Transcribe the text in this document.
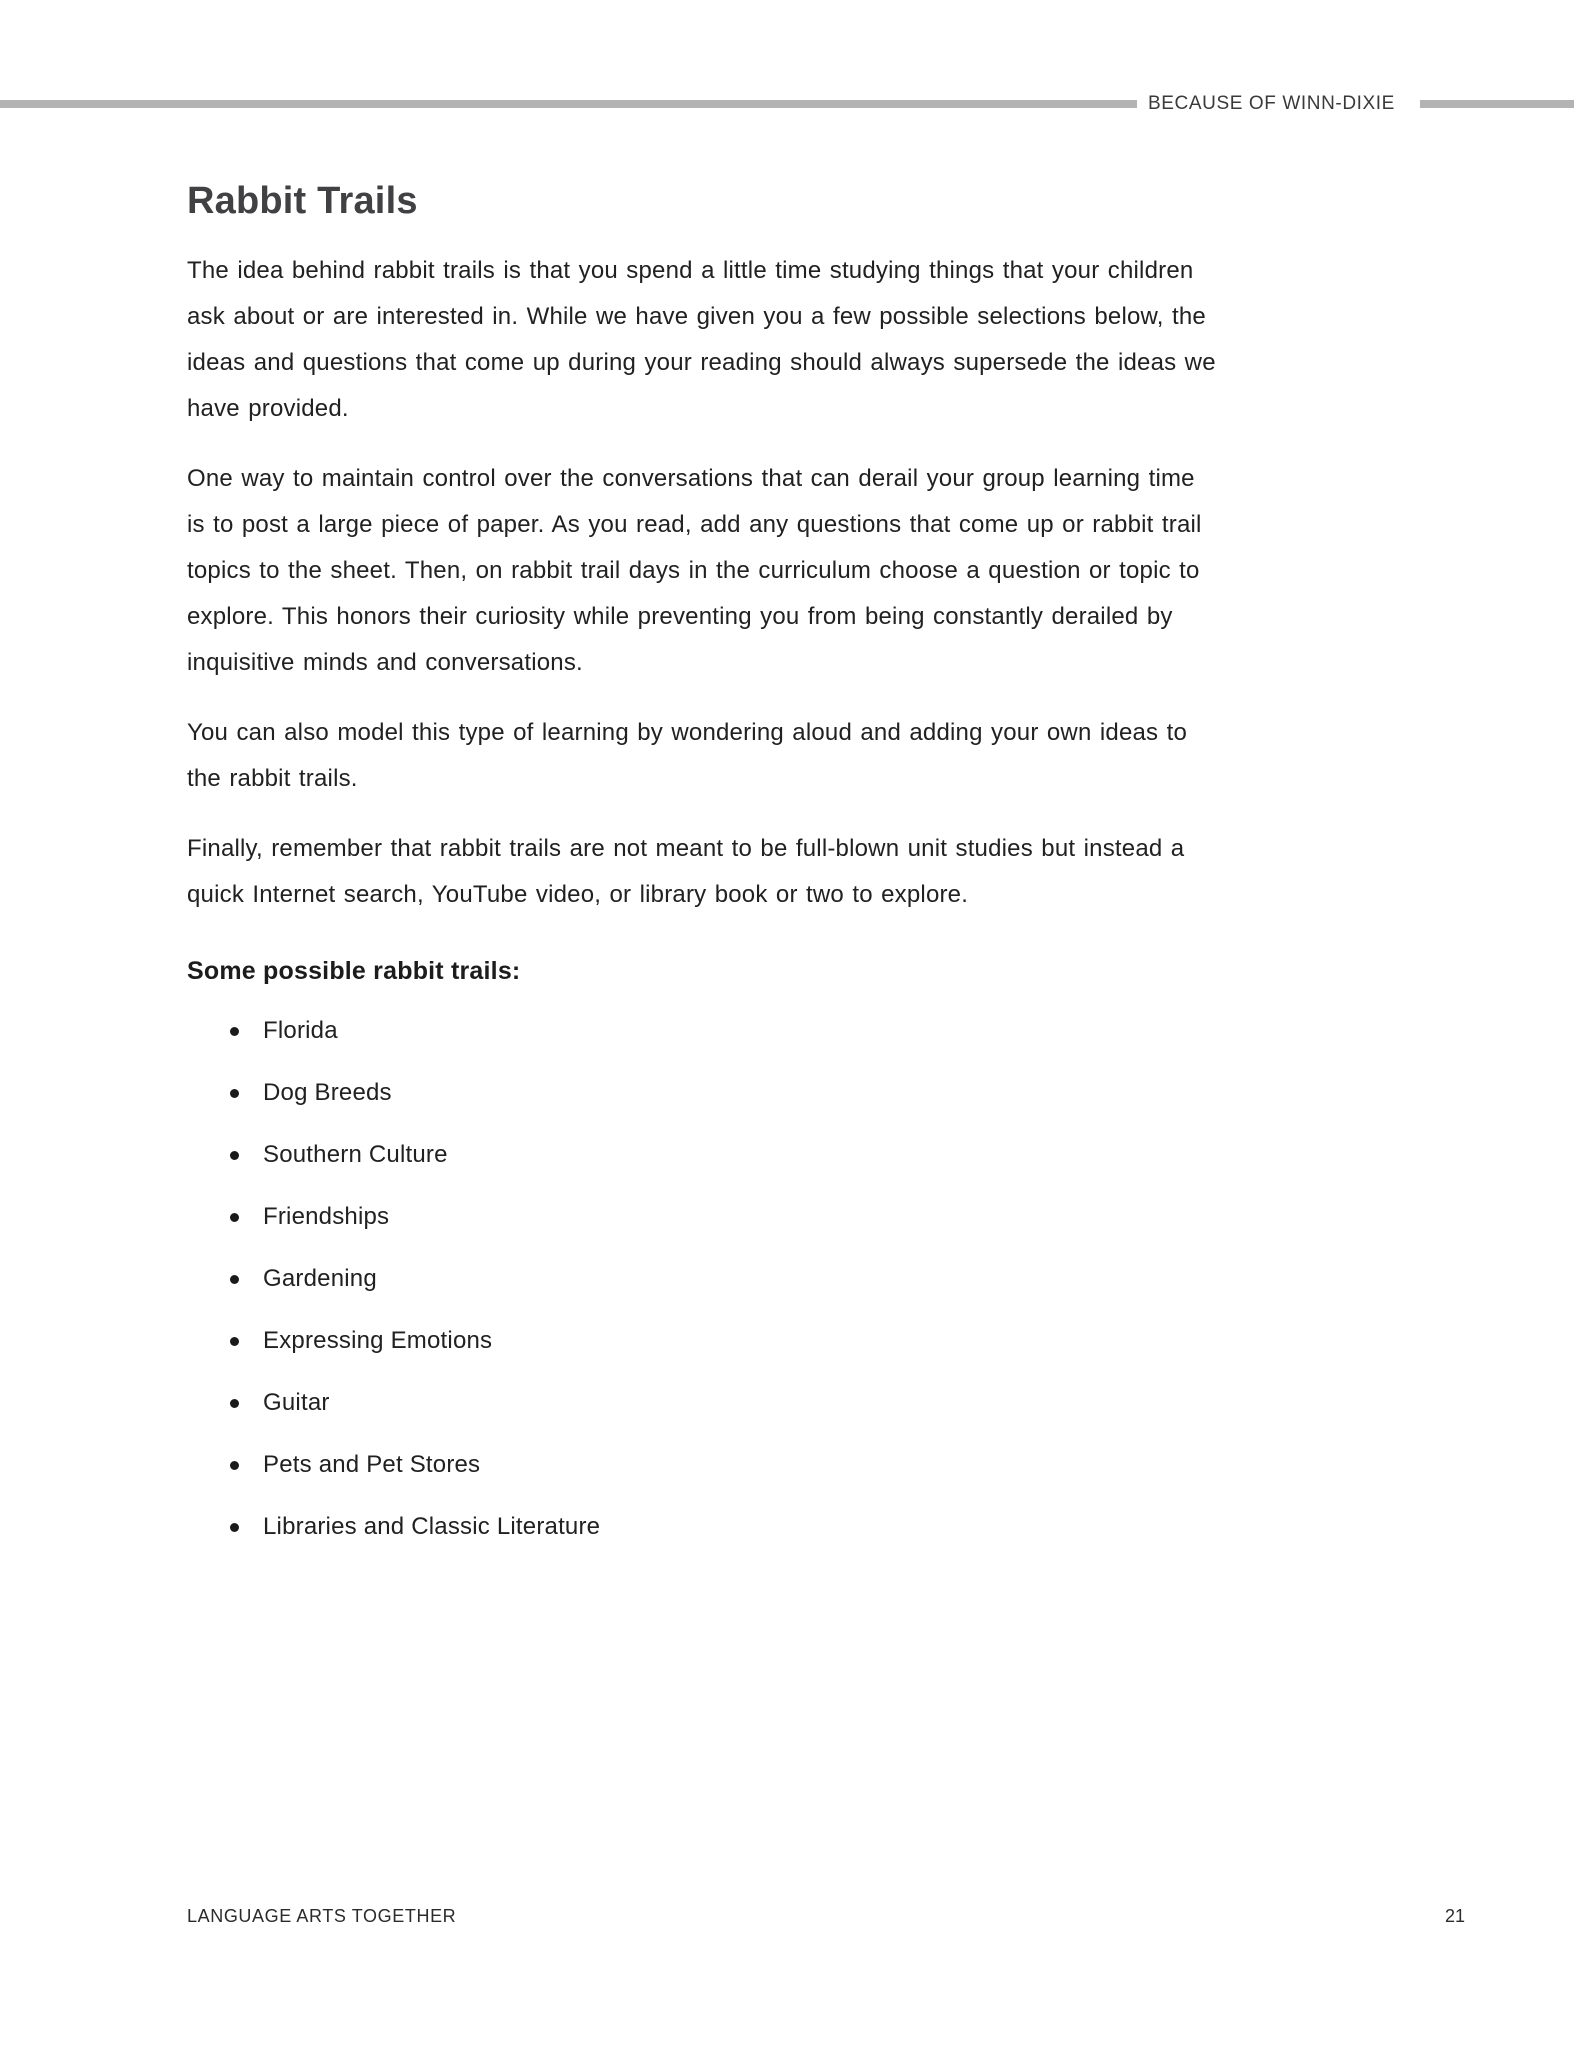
BECAUSE OF WINN-DIXIE
Rabbit Trails
The idea behind rabbit trails is that you spend a little time studying things that your children
ask about or are interested in. While we have given you a few possible selections below, the
ideas and questions that come up during your reading should always supersede the ideas we
have provided.
One way to maintain control over the conversations that can derail your group learning time
is to post a large piece of paper. As you read, add any questions that come up or rabbit trail
topics to the sheet. Then, on rabbit trail days in the curriculum choose a question or topic to
explore. This honors their curiosity while preventing you from being constantly derailed by
inquisitive minds and conversations.
You can also model this type of learning by wondering aloud and adding your own ideas to
the rabbit trails.
Finally, remember that rabbit trails are not meant to be full-blown unit studies but instead a
quick Internet search, YouTube video, or library book or two to explore.
Some possible rabbit trails:
Florida
Dog Breeds
Southern Culture
Friendships
Gardening
Expressing Emotions
Guitar
Pets and Pet Stores
Libraries and Classic Literature
LANGUAGE ARTS TOGETHER	21
